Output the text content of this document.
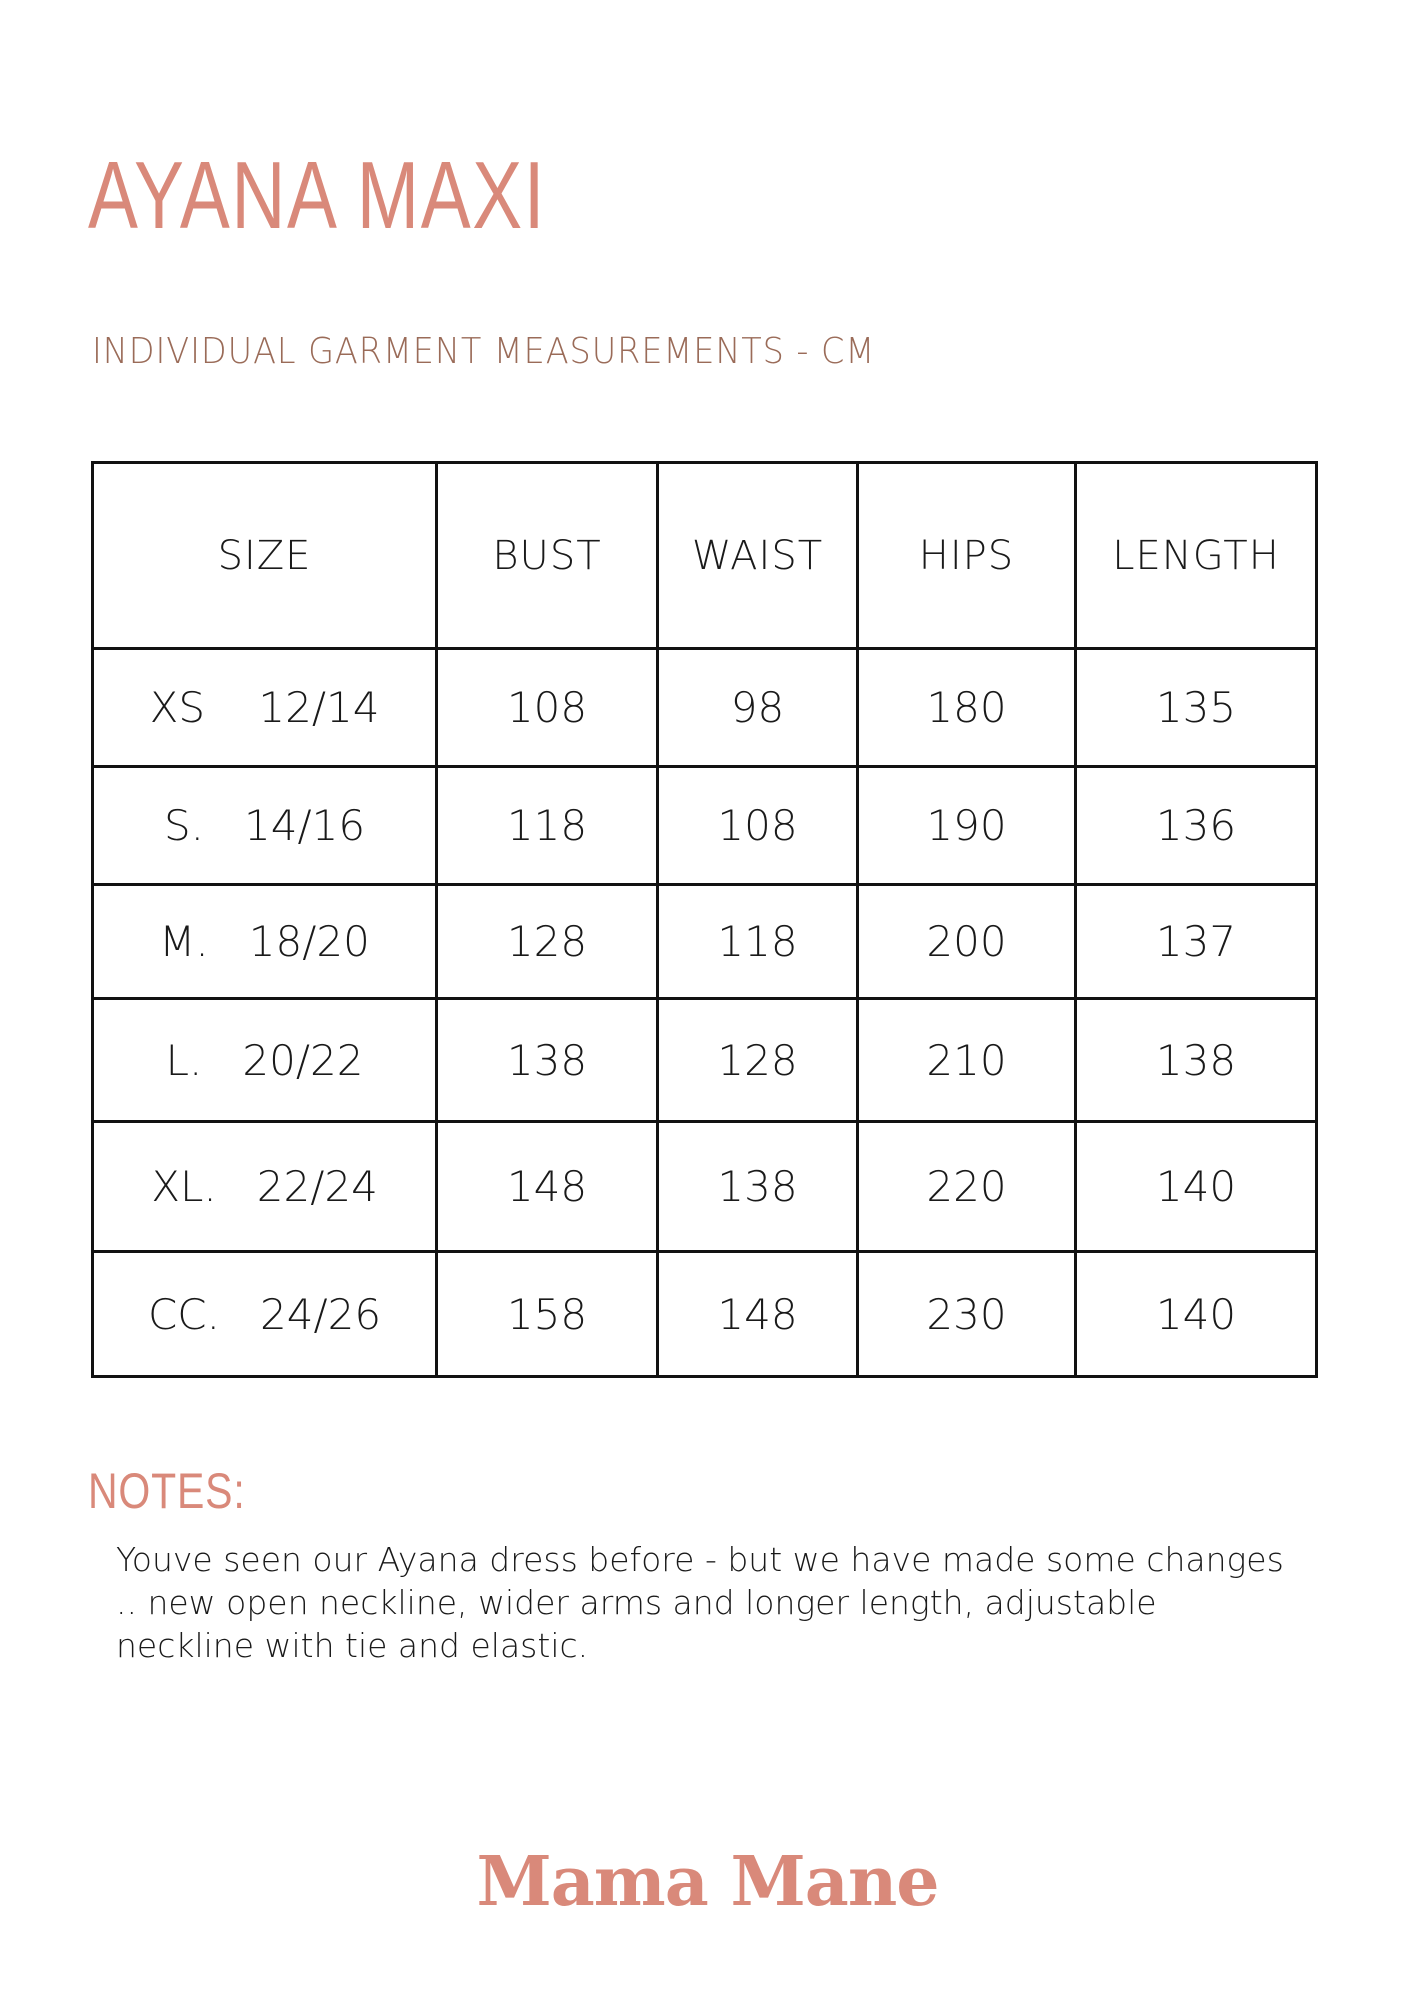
AYANA MAXI
INDIVIDUAL GARMENT MEASUREMENTS - CM
SIZE	BUST	WAIST	HIPS	LENGTH
XS    12/14	108	98	180	135
S.   14/16	118	108	190	136
M.   18/20	128	118	200	137
L.   20/22	138	128	210	138
XL.   22/24	148	138	220	140
CC.   24/26	158	148	230	140
NOTES:
Youve seen our Ayana dress before - but we have made some changes .. new open neckline, wider arms and longer length, adjustable neckline with tie and elastic.
Mama Mane
